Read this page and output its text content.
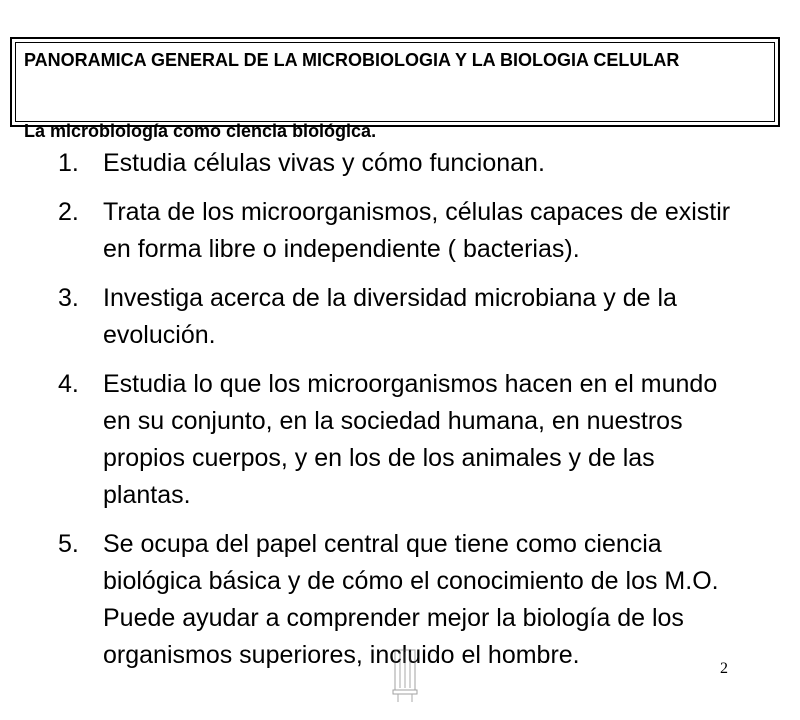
PANORAMICA GENERAL DE LA MICROBIOLOGIA Y LA BIOLOGIA CELULAR
La microbiología como ciencia biológica.
1. Estudia células vivas y cómo funcionan.
2. Trata de los microorganismos, células capaces de existir en forma libre o independiente ( bacterias).
3. Investiga acerca de la diversidad microbiana y de la evolución.
4. Estudia lo que los microorganismos hacen en el mundo en su conjunto, en la sociedad humana, en nuestros propios cuerpos, y en los de los animales y de las plantas.
5. Se ocupa del papel central que tiene como ciencia       biológica básica y de cómo el conocimiento de los M.O. Puede ayudar a comprender mejor la biología de los organismos superiores, incluido el hombre.	2
